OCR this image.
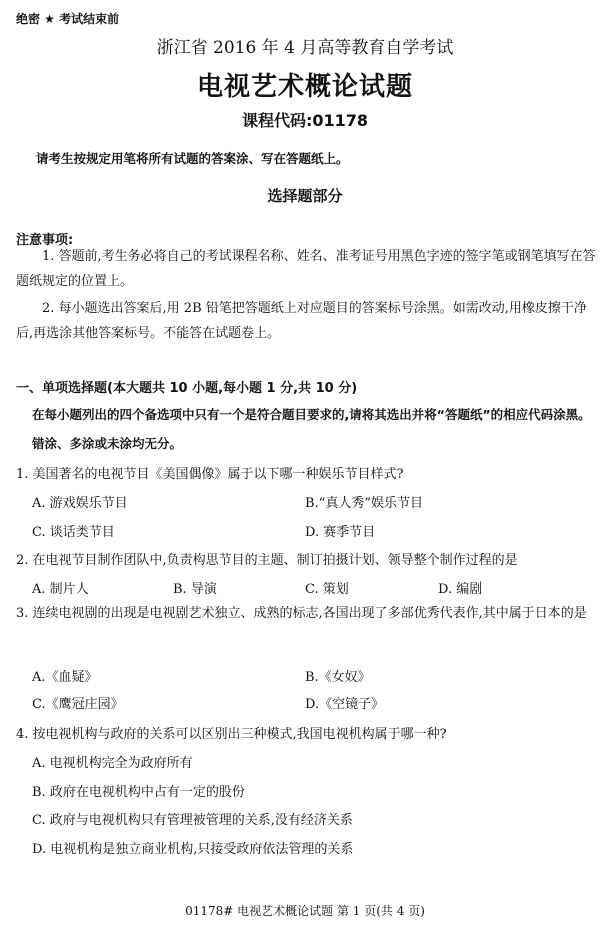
绝密 ★ 考试结束前
浙江省 2016 年 4 月高等教育自学考试
电视艺术概论试题
课程代码:01178
请考生按规定用笔将所有试题的答案涂、写在答题纸上。
选择题部分
注意事项:
1. 答题前,考生务必将自己的考试课程名称、姓名、准考证号用黑色字迹的签字笔或钢笔填写在答题纸规定的位置上。
2. 每小题选出答案后,用 2B 铅笔把答题纸上对应题目的答案标号涂黑。如需改动,用橡皮擦干净后,再选涂其他答案标号。不能答在试题卷上。
一、单项选择题(本大题共 10 小题,每小题 1 分,共 10 分)
在每小题列出的四个备选项中只有一个是符合题目要求的,请将其选出并将“答题纸”的相应代码涂黑。错涂、多涂或未涂均无分。
1. 美国著名的电视节目《美国偶像》属于以下哪一种娱乐节目样式?
A. 游戏娱乐节目	B.“真人秀”娱乐节目
C. 谈话类节目	D. 赛季节目
2. 在电视节目制作团队中,负责构思节目的主题、制订拍摄计划、领导整个制作过程的是
A. 制片人	B. 导演	C. 策划	D. 编剧
3. 连续电视剧的出现是电视剧艺术独立、成熟的标志,各国出现了多部优秀代表作,其中属于日本的是
A.《血疑》	B.《女奴》
C.《鹰冠庄园》	D.《空镜子》
4. 按电视机构与政府的关系可以区别出三种模式,我国电视机构属于哪一种?
A. 电视机构完全为政府所有
B. 政府在电视机构中占有一定的股份
C. 政府与电视机构只有管理被管理的关系,没有经济关系
D. 电视机构是独立商业机构,只接受政府依法管理的关系
01178# 电视艺术概论试题 第 1 页(共 4 页)
